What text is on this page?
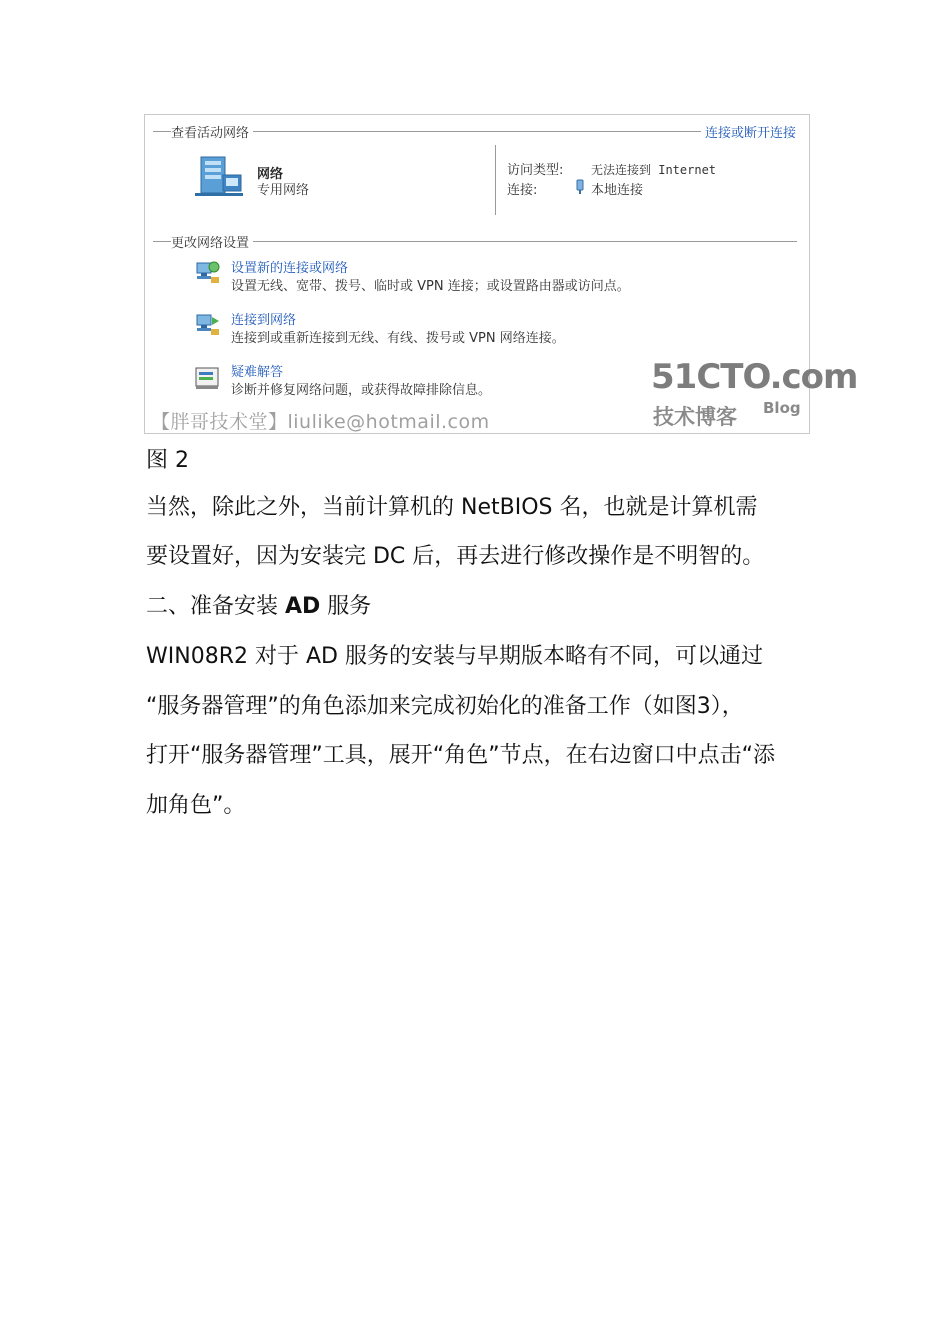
查看活动网络	连接或断开连接
网络
专用网络
访问类型: 无法连接到 Internet
连接:	本地连接
更改网络设置
设置新的连接或网络
设置无线、宽带、拨号、临时或 VPN 连接；或设置路由器或访问点。
连接到网络
连接到或重新连接到无线、有线、拨号或 VPN 网络连接。
疑难解答
诊断并修复网络问题，或获得故障排除信息。
【胖哥技术堂】liulike@hotmail.com
51CTO.com
技术博客 Blog
图 2
当然，除此之外，当前计算机的 NetBIOS 名，也就是计算机需
要设置好，因为安装完 DC 后，再去进行修改操作是不明智的。
二、准备安装 AD 服务
WIN08R2 对于 AD 服务的安装与早期版本略有不同，可以通过
“服务器管理”的角色添加来完成初始化的准备工作（如图3），
打开“服务器管理”工具，展开“角色”节点，在右边窗口中点击“添
加角色”。
